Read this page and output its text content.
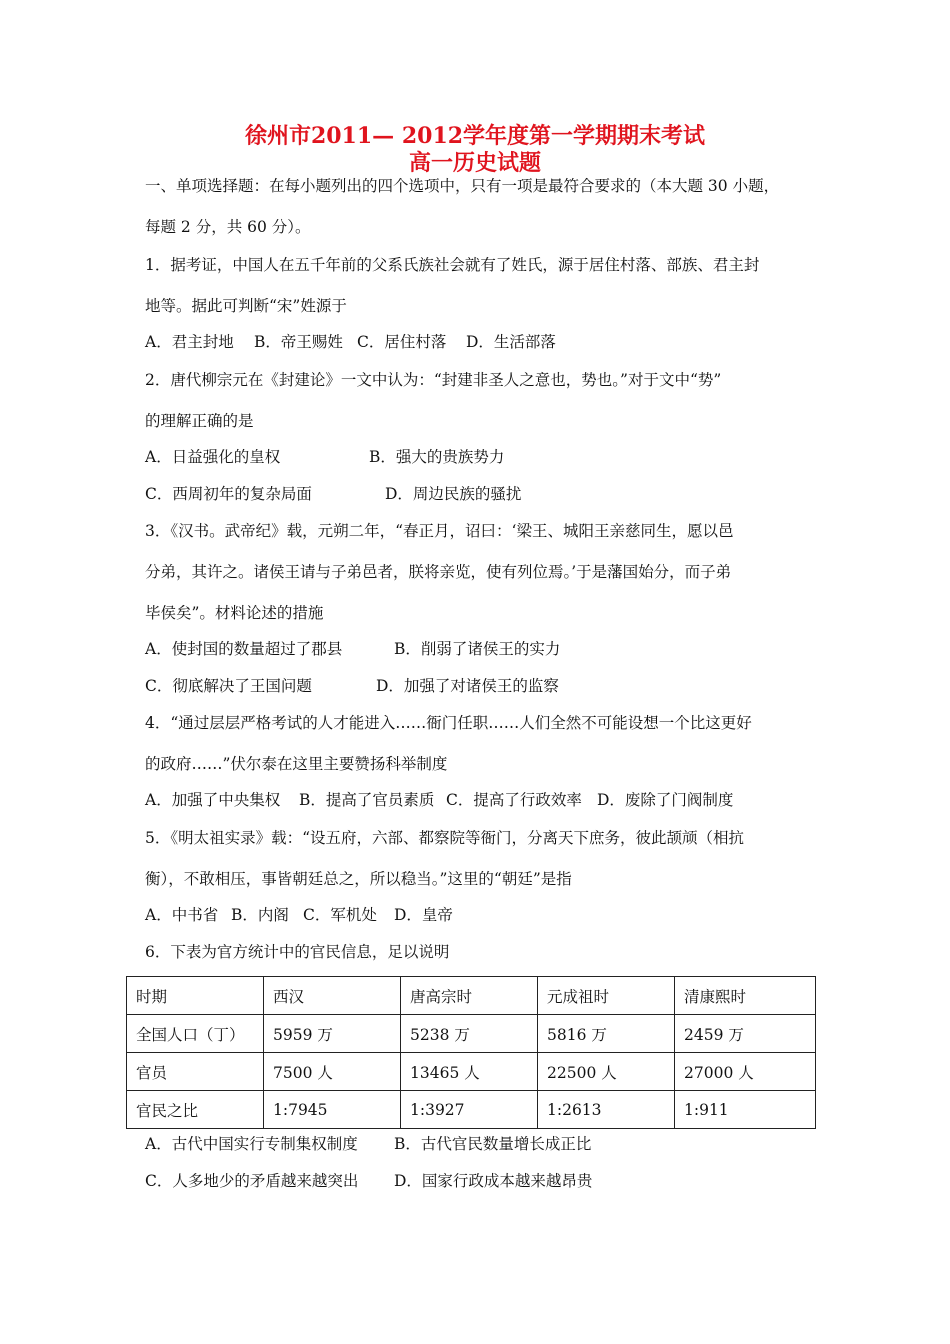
徐州市2011— 2012学年度第一学期期末考试
高一历史试题
一、单项选择题：在每小题列出的四个选项中，只有一项是最符合要求的（本大题 30 小题，
每题 2 分，共 60 分）。
1．据考证，中国人在五千年前的父系氏族社会就有了姓氏，源于居住村落、部族、君主封
地等。据此可判断“宋”姓源于
A．君主封地 B．帝王赐姓 C．居住村落 D．生活部落
2．唐代柳宗元在《封建论》一文中认为：“封建非圣人之意也，势也。”对于文中“势”
的理解正确的是
A．日益强化的皇权	B．强大的贵族势力
C．西周初年的复杂局面	D．周边民族的骚扰
3．《汉书。武帝纪》载，元朔二年，“春正月，诏曰：‘梁王、城阳王亲慈同生，愿以邑
分弟，其许之。诸侯王请与子弟邑者，朕将亲览，使有列位焉。’于是藩国始分，而子弟
毕侯矣”。材料论述的措施
A．使封国的数量超过了郡县	B．削弱了诸侯王的实力
C．彻底解决了王国问题	D．加强了对诸侯王的监察
4．“通过层层严格考试的人才能进入……衙门任职……人们全然不可能设想一个比这更好
的政府……”伏尔泰在这里主要赞扬科举制度
A．加强了中央集权 B．提高了官员素质 C．提高了行政效率 D．废除了门阀制度
5．《明太祖实录》载：“设五府，六部、都察院等衙门，分离天下庶务，彼此颉颃（相抗
衡），不敢相压，事皆朝廷总之，所以稳当。”这里的“朝廷”是指
A．中书省 B．内阁 C．军机处 D．皇帝
6．下表为官方统计中的官民信息，足以说明
时期	西汉	唐高宗时	元成祖时	清康熙时
全国人口（丁）	5959 万	5238 万	5816 万	2459 万
官员	7500 人	13465 人	22500 人	27000 人
官民之比	1:7945	1:3927	1:2613	1:911
A．古代中国实行专制集权制度 B．古代官民数量增长成正比
C．人多地少的矛盾越来越突出 D．国家行政成本越来越昂贵
